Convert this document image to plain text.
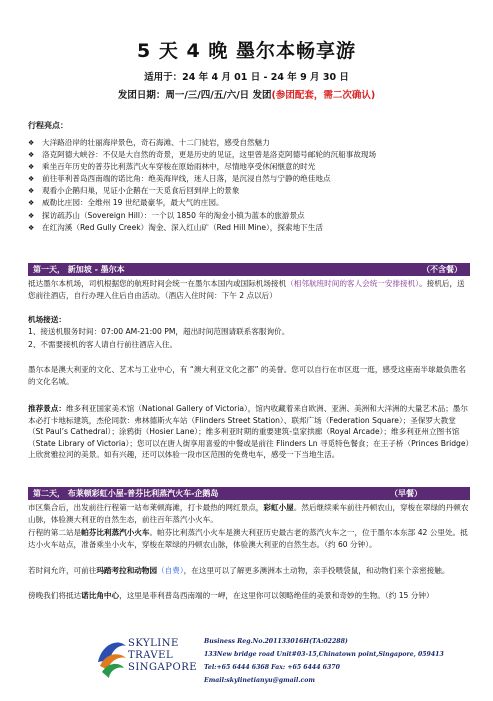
5 天 4 晚 墨尔本畅享游
适用于：24 年 4 月 01 日 - 24 年 9 月 30 日
发团日期：周一/三/四/五/六/日 发团(参团配套，需二次确认)
行程亮点：
❖ 大洋路沿岸的壮丽海岸景色，奇石海滩、十二门徒岩，感受自然魅力
❖ 洛克阿德大峡谷：不仅是大自然的奇景，更是历史的见证，这里曾是洛克阿德号邮轮的沉船事故现场
❖ 乘坐百年历史的普芬比利蒸汽火车穿梭在原始雨林中，尽情地享受休闲惬意的时光
❖ 前往菲利普岛西南端的诺比角：绝美海岸线，迷人日落，是沉浸自然与宁静的绝佳地点
❖ 观看小企鹅归巢，见证小企鹅在一天觅食后回到岸上的景象
❖ 威勒比庄园：全维州 19 世纪最豪华，最大气的庄园。
❖ 探访疏苏山（Sovereign Hill）：一个以 1850 年的淘金小镇为蓝本的旅游景点
❖ 在红沟溪（Red Gully Creek）淘金、深入红山矿（Red Hill Mine），探索地下生活
第一天， 新加坡 - 墨尔本	（不含餐）
抵达墨尔本机场，司机根据您的航班时间会统一在墨尔本国内或国际机场接机（相邻航班时间的客人会统一安排接机）。接机后，送您前往酒店，自行办理入住后自由活动。（酒店入住时间：下午 2 点以后）
机场接送：
1、接送机服务时间：07:00 AM-21:00 PM，超出时间范围请联系客服询价。
2、不需要接机的客人请自行前往酒店入住。
墨尔本是澳大利亚的文化、艺术与工业中心，有 “澳大利亚文化之都” 的美誉。您可以自行在市区逛一逛，感受这座南半球最负胜名的文化名城。
推荐景点：维多利亚国家美术馆（National Gallery of Victoria），馆内收藏着来自欧洲、亚洲、美洲和大洋洲的大量艺术品；墨尔本必打卡地标建筑，杰伦同款：弗林德斯火车站（Flinders Street Station）、联邦广场（Federation Square）；圣保罗大教堂（St Paul’s Cathedral）；涂鸦街（Hosier Lane）；维多利亚时期的重要建筑-皇家拱廊（Royal Arcade）；维多利亚州立图书馆（State Library of Victoria）；您可以在唐人街享用喜爱的中餐或是前往 Flinders Ln 寻觅特色餐食；在王子桥（Princes Bridge）上欣赏雅拉河的美景。如有兴趣，还可以体验一段市区范围的免费电车，感受一下当地生活。
第二天， 布莱顿彩虹小屋-普芬比利蒸汽火车-企鹅岛	（早餐）
市区集合后，出发前往行程第一站布莱顿海滩，打卡最热的网红景点，彩虹小屋。然后继续乘车前往丹顿农山，穿梭在翠绿的丹顿农山脉，体验澳大利亚的自然生态，前往百年蒸汽小火车。
行程的第二站是帕芬比利蒸汽小火车。帕芬比利蒸汽小火车是澳大利亚历史最古老的蒸汽火车之一，位于墨尔本东部 42 公里处。抵达小火车站点，准备乘坐小火车，穿梭在翠绿的丹顿农山脉，体验澳大利亚的自然生态。（约 60 分钟）。
若时间允许，可前往玛踏考拉和动物园（自费），在这里可以了解更多澳洲本土动物，亲手投喂袋鼠，和动物们来个亲密接触。
傍晚我们将抵达诺比角中心，这里是菲利普岛西南端的一岬，在这里你可以领略绝佳的美景和奇妙的生物。（约 15 分钟）
SKYLINE
TRAVEL
SINGAPORE
Business Reg.No.201133016H(TA:02288)
133New bridge road Unit#03-15,Chinatown point,Singapore, 059413
Tel:+65 6444 6368 Fax: +65 6444 6370
Email:skylinetianyu@gmail.com
